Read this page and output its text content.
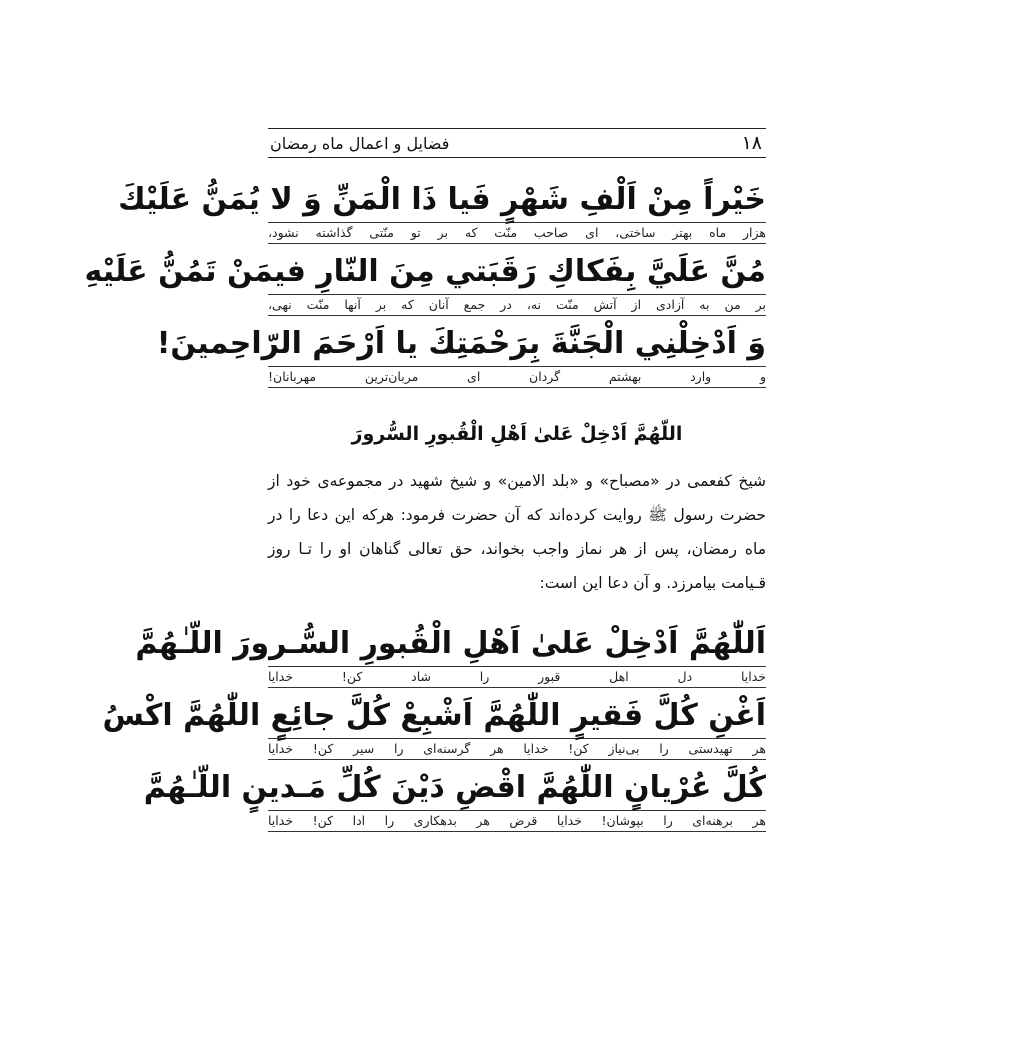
۱۸
فضایل و اعمال ماه رمضان
خَيْراً مِنْ اَلْفِ شَهْرٍ فَيا ذَا الْمَنِّ وَ لا يُمَنُّ عَلَيْكَ
هزار ماه بهتر ساختی، ای صاحب منّت که بر تو منّتی گذاشته نشود،
مُنَّ عَلَيَّ بِفَكاكِ رَقَبَتي مِنَ النّارِ فيمَنْ تَمُنُّ عَلَيْهِ
بر من به آزادی از آتش منّت نه، در جمع آنان که بر آنها منّت نهی،
وَ اَدْخِلْنِي الْجَنَّةَ بِرَحْمَتِكَ يا اَرْحَمَ الرّاحِمينَ!
و وارد بهشتم گردان ای مربان‌ترین مهربانان!
اللّهُمَّ اَدْخِلْ عَلیٰ اَهْلِ الْقُبورِ السُّرورَ
شیخ کفعمی در «مصباح» و «بلد الامین» و شیخ شهید در مجموعه‌ی خود از حضرت رسول ﷺ روایت کرده‌اند که آن حضرت فرمود: هرکه این دعا را در ماه رمضان، پس از هر نماز واجب بخواند، حق تعالی گناهان او را تـا روز قـیامت بیامرزد. و آن دعا این است:
اَللّٰهُمَّ اَدْخِلْ عَلیٰ اَهْلِ الْقُبورِ السُّـرورَ اللّـٰهُمَّ
خدایا دل اهل قبور را شاد کن! خدایا
اَغْنِ كُلَّ فَقيرٍ اللّٰهُمَّ اَشْبِعْ كُلَّ جائِعٍ اللّٰهُمَّ اكْسُ
هر تهیدستی را بی‌نیاز کن! خدایا هر گرسنه‌ای را سیر کن! خدایا
كُلَّ عُرْيانٍ اللّٰهُمَّ اقْضِ دَيْنَ كُلِّ مَـدينٍ اللّـٰهُمَّ
هر برهنه‌ای را بپوشان! خدایا قرض هر بدهکاری را ادا کن! خدایا
